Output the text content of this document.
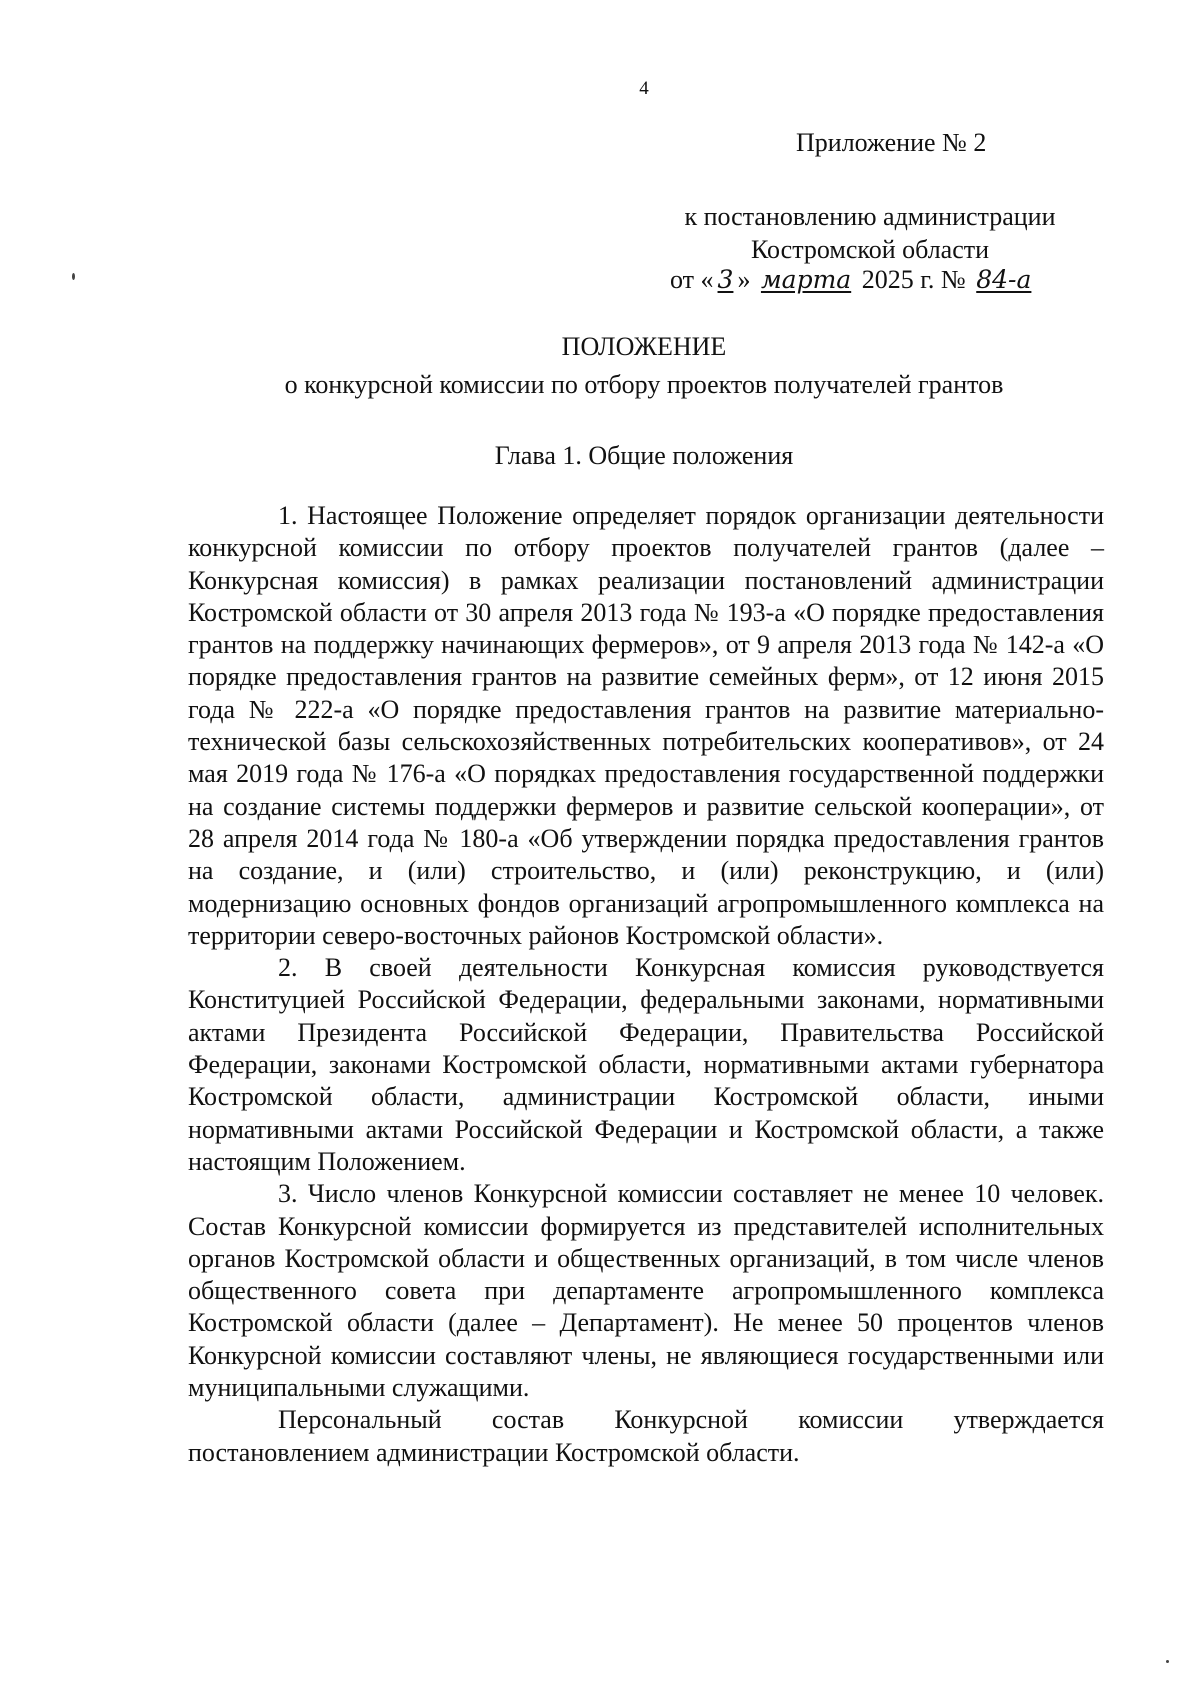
4
Приложение № 2
к постановлению администрации
Костромской области
от « 3 » марта 2025 г. № 84-а
ПОЛОЖЕНИЕ
о конкурсной комиссии по отбору проектов получателей грантов
Глава 1. Общие положения

1. Настоящее Положение определяет порядок организации деятельности конкурсной комиссии по отбору проектов получателей грантов (далее – Конкурсная комиссия) в рамках реализации постановлений администрации Костромской области от 30 апреля 2013 года № 193-а «О порядке предоставления грантов на поддержку начинающих фермеров», от 9 апреля 2013 года № 142-а «О порядке предоставления грантов на развитие семейных ферм», от 12 июня 2015 года № 222-а «О порядке предоставления грантов на развитие материально-технической базы сельскохозяйственных потребительских кооперативов», от 24 мая 2019 года № 176-а «О порядках предоставления государственной поддержки на создание системы поддержки фермеров и развитие сельской кооперации», от 28 апреля 2014 года № 180-а «Об утверждении порядка предоставления грантов на создание, и (или) строительство, и (или) реконструкцию, и (или) модернизацию основных фондов организаций агропромышленного комплекса на территории северо-восточных районов Костромской области».

2. В своей деятельности Конкурсная комиссия руководствуется Конституцией Российской Федерации, федеральными законами, нормативными актами Президента Российской Федерации, Правительства Российской Федерации, законами Костромской области, нормативными актами губернатора Костромской области, администрации Костромской области, иными нормативными актами Российской Федерации и Костромской области, а также настоящим Положением.

3. Число членов Конкурсной комиссии составляет не менее 10 человек. Состав Конкурсной комиссии формируется из представителей исполнительных органов Костромской области и общественных организаций, в том числе членов общественного совета при департаменте агропромышленного комплекса Костромской области (далее – Департамент). Не менее 50 процентов членов Конкурсной комиссии составляют члены, не являющиеся государственными или муниципальными служащими.

Персональный состав Конкурсной комиссии утверждается постановлением администрации Костромской области.
